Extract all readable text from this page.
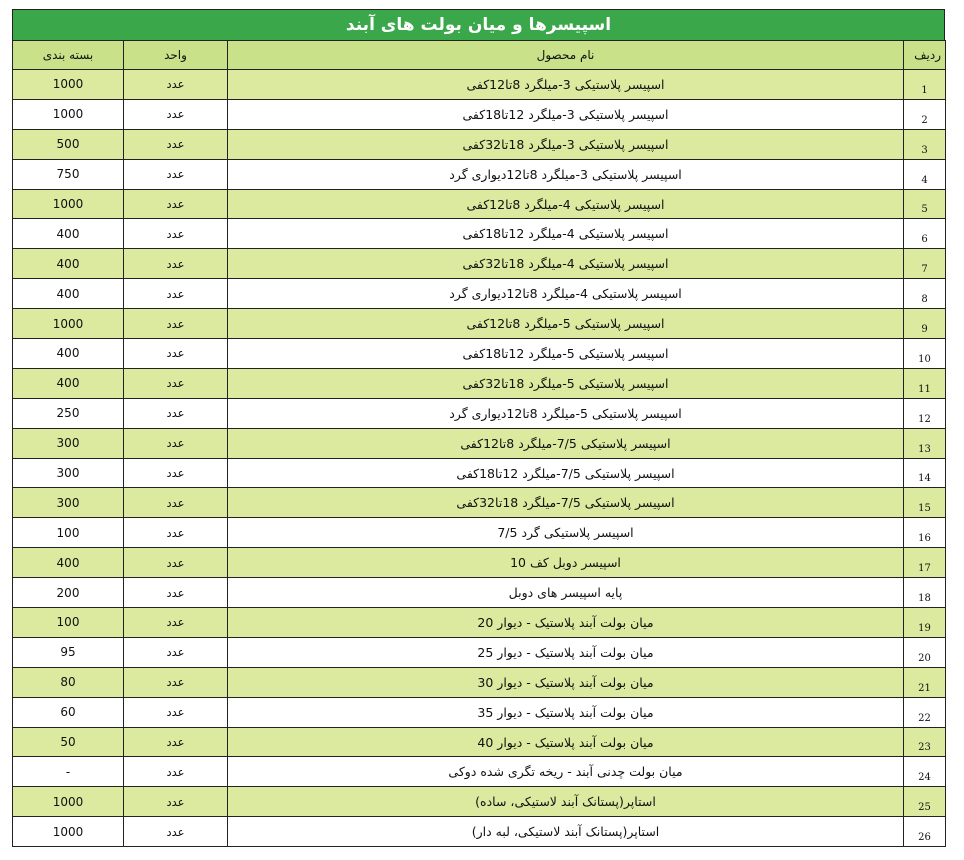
اسپیسرها و میان بولت های آبند
ردیف	نام محصول	واحد	بسته بندی
1	اسپیسر پلاستیکی 3-میلگرد 8تا12کفی	عدد	1000
2	اسپیسر پلاستیکی 3-میلگرد 12تا18کفی	عدد	1000
3	اسپیسر پلاستیکی 3-میلگرد 18تا32کفی	عدد	500
4	اسپیسر پلاستیکی 3-میلگرد 8تا12دیواری گرد	عدد	750
5	اسپیسر پلاستیکی 4-میلگرد 8تا12کفی	عدد	1000
6	اسپیسر پلاستیکی 4-میلگرد 12تا18کفی	عدد	400
7	اسپیسر پلاستیکی 4-میلگرد 18تا32کفی	عدد	400
8	اسپیسر پلاستیکی 4-میلگرد 8تا12دیواری گرد	عدد	400
9	اسپیسر پلاستیکی 5-میلگرد 8تا12کفی	عدد	1000
10	اسپیسر پلاستیکی 5-میلگرد 12تا18کفی	عدد	400
11	اسپیسر پلاستیکی 5-میلگرد 18تا32کفی	عدد	400
12	اسپیسر پلاستیکی 5-میلگرد 8تا12دیواری گرد	عدد	250
13	اسپیسر پلاستیکی 7/5-میلگرد 8تا12کفی	عدد	300
14	اسپیسر پلاستیکی 7/5-میلگرد 12تا18کفی	عدد	300
15	اسپیسر پلاستیکی 7/5-میلگرد 18تا32کفی	عدد	300
16	اسپیسر پلاستیکی گرد 7/5	عدد	100
17	اسپیسر دوبل کف 10	عدد	400
18	پایه اسپیسر های دوبل	عدد	200
19	میان بولت آبند پلاستیک - دیوار 20	عدد	100
20	میان بولت آبند پلاستیک - دیوار 25	عدد	95
21	میان بولت آبند پلاستیک - دیوار 30	عدد	80
22	میان بولت آبند پلاستیک - دیوار 35	عدد	60
23	میان بولت آبند پلاستیک - دیوار 40	عدد	50
24	میان بولت چدنی آبند - ریخه تگری شده دوکی	عدد	-
25	استاپر(پستانک آبند لاستیکی، ساده)	عدد	1000
26	استاپر(پستانک آبند لاستیکی، لبه دار)	عدد	1000
